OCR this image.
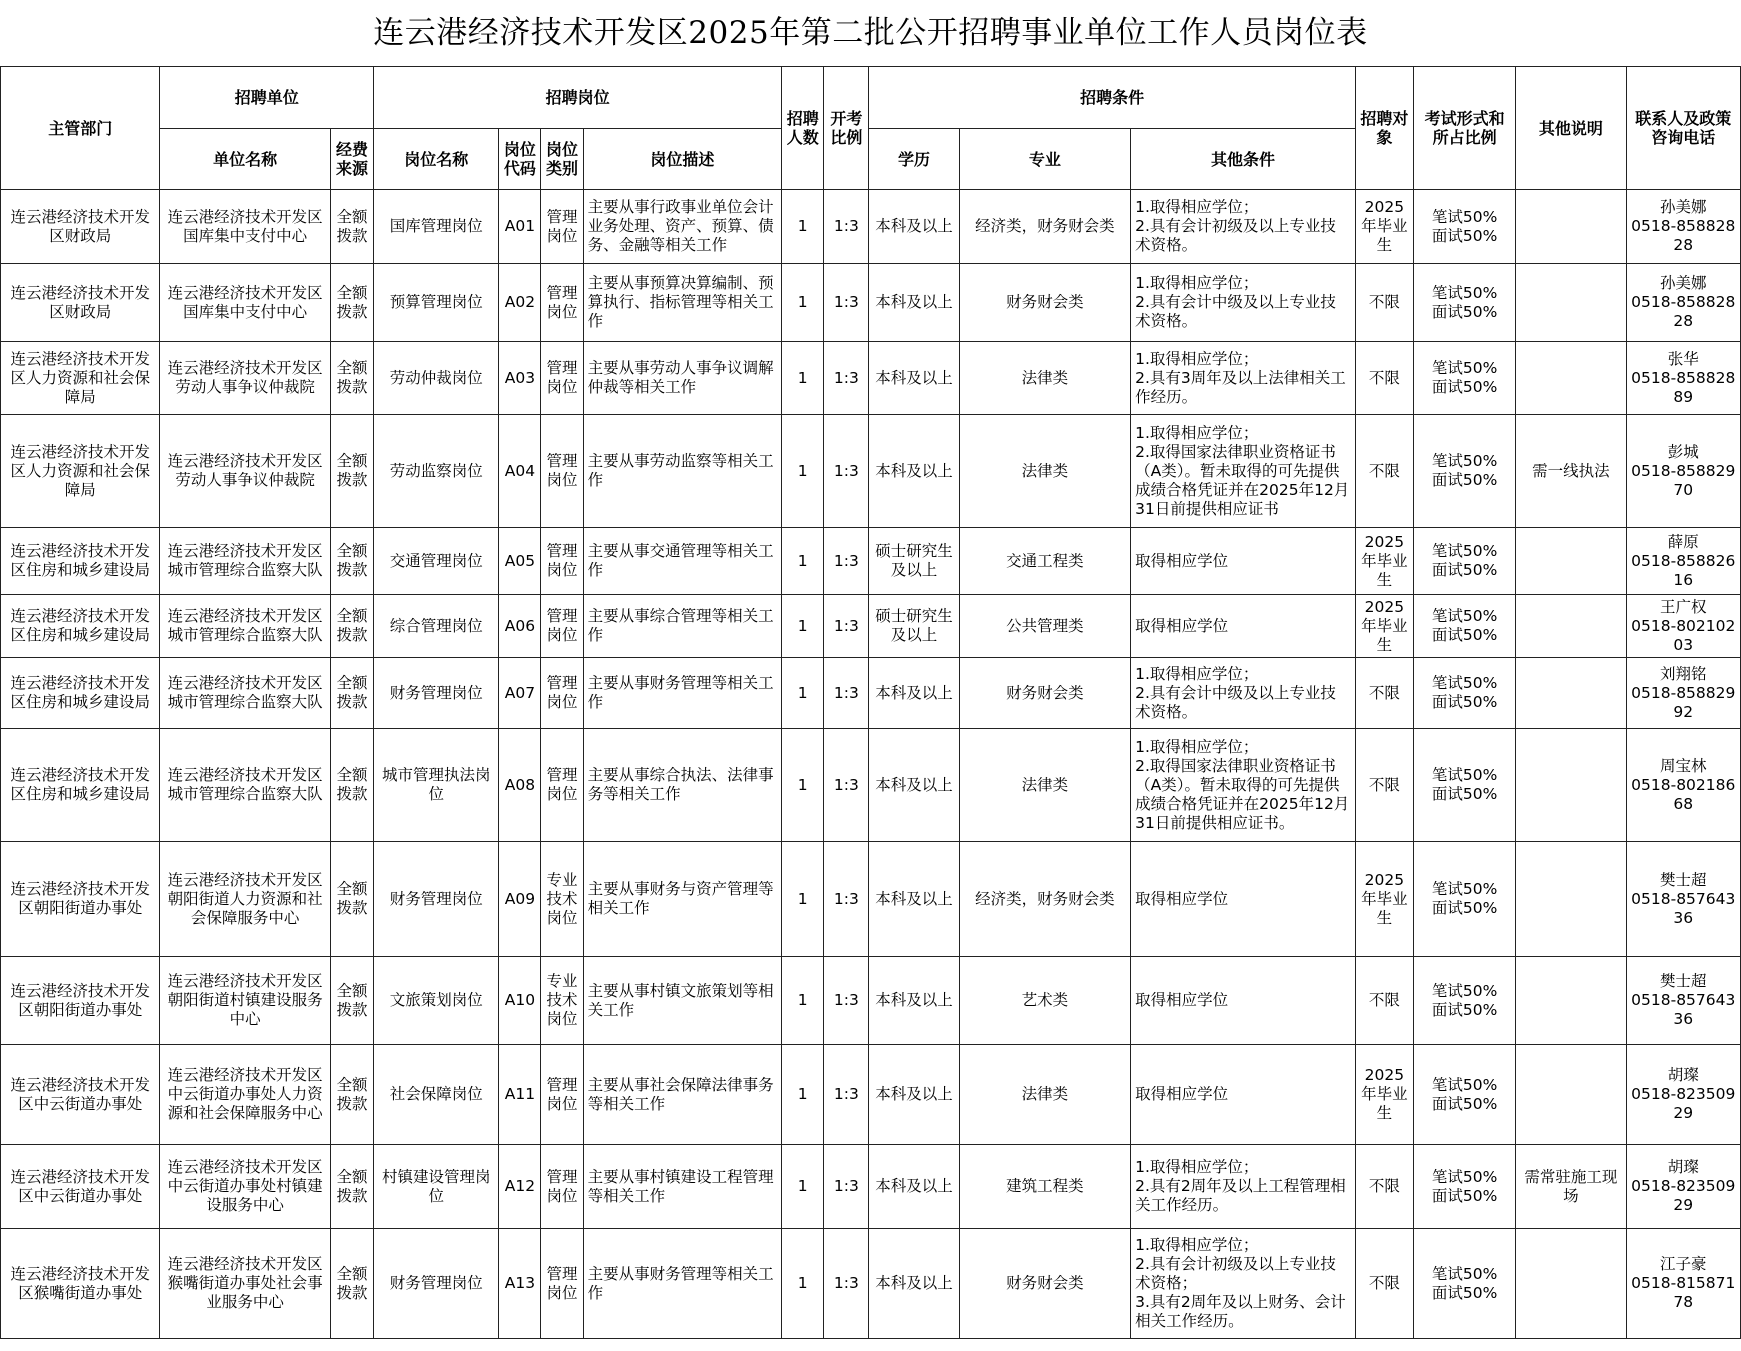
连云港经济技术开发区2025年第二批公开招聘事业单位工作人员岗位表
主管部门	招聘单位		招聘岗位				招聘人数	开考比例	招聘条件			招聘对象	考试形式和所占比例	其他说明	联系人及政策咨询电话
	单位名称	经费来源	岗位名称	岗位代码	岗位类别	岗位描述			学历	专业	其他条件				
连云港经济技术开发区财政局	连云港经济技术开发区国库集中支付中心	全额拨款	国库管理岗位	A01	管理岗位	主要从事行政事业单位会计业务处理、资产、预算、债务、金融等相关工作	1	1:3	本科及以上	经济类，财务财会类	1.取得相应学位；
2.具有会计初级及以上专业技术资格。	2025年毕业生	笔试50%
面试50%		孙美娜
0518-85882828
连云港经济技术开发区财政局	连云港经济技术开发区国库集中支付中心	全额拨款	预算管理岗位	A02	管理岗位	主要从事预算决算编制、预算执行、指标管理等相关工作	1	1:3	本科及以上	财务财会类	1.取得相应学位；
2.具有会计中级及以上专业技术资格。	不限	笔试50%
面试50%		孙美娜
0518-85882828
连云港经济技术开发区人力资源和社会保障局	连云港经济技术开发区劳动人事争议仲裁院	全额拨款	劳动仲裁岗位	A03	管理岗位	主要从事劳动人事争议调解仲裁等相关工作	1	1:3	本科及以上	法律类	1.取得相应学位；
2.具有3周年及以上法律相关工作经历。	不限	笔试50%
面试50%		张华
0518-85882889
连云港经济技术开发区人力资源和社会保障局	连云港经济技术开发区劳动人事争议仲裁院	全额拨款	劳动监察岗位	A04	管理岗位	主要从事劳动监察等相关工作	1	1:3	本科及以上	法律类	1.取得相应学位；
2.取得国家法律职业资格证书（A类）。暂未取得的可先提供成绩合格凭证并在2025年12月31日前提供相应证书	不限	笔试50%
面试50%	需一线执法	彭城
0518-85882970
连云港经济技术开发区住房和城乡建设局	连云港经济技术开发区城市管理综合监察大队	全额拨款	交通管理岗位	A05	管理岗位	主要从事交通管理等相关工作	1	1:3	硕士研究生及以上	交通工程类	取得相应学位	2025年毕业生	笔试50%
面试50%		薛原
0518-85882616
连云港经济技术开发区住房和城乡建设局	连云港经济技术开发区城市管理综合监察大队	全额拨款	综合管理岗位	A06	管理岗位	主要从事综合管理等相关工作	1	1:3	硕士研究生及以上	公共管理类	取得相应学位	2025年毕业生	笔试50%
面试50%		王广权
0518-80210203
连云港经济技术开发区住房和城乡建设局	连云港经济技术开发区城市管理综合监察大队	全额拨款	财务管理岗位	A07	管理岗位	主要从事财务管理等相关工作	1	1:3	本科及以上	财务财会类	1.取得相应学位；
2.具有会计中级及以上专业技术资格。	不限	笔试50%
面试50%		刘翔铭
0518-85882992
连云港经济技术开发区住房和城乡建设局	连云港经济技术开发区城市管理综合监察大队	全额拨款	城市管理执法岗位	A08	管理岗位	主要从事综合执法、法律事务等相关工作	1	1:3	本科及以上	法律类	1.取得相应学位；
2.取得国家法律职业资格证书（A类）。暂未取得的可先提供成绩合格凭证并在2025年12月31日前提供相应证书。	不限	笔试50%
面试50%		周宝林
0518-80218668
连云港经济技术开发区朝阳街道办事处	连云港经济技术开发区朝阳街道人力资源和社会保障服务中心	全额拨款	财务管理岗位	A09	专业技术岗位	主要从事财务与资产管理等相关工作	1	1:3	本科及以上	经济类，财务财会类	取得相应学位	2025年毕业生	笔试50%
面试50%		樊士超
0518-85764336
连云港经济技术开发区朝阳街道办事处	连云港经济技术开发区朝阳街道村镇建设服务中心	全额拨款	文旅策划岗位	A10	专业技术岗位	主要从事村镇文旅策划等相关工作	1	1:3	本科及以上	艺术类	取得相应学位	不限	笔试50%
面试50%		樊士超
0518-85764336
连云港经济技术开发区中云街道办事处	连云港经济技术开发区中云街道办事处人力资源和社会保障服务中心	全额拨款	社会保障岗位	A11	管理岗位	主要从事社会保障法律事务等相关工作	1	1:3	本科及以上	法律类	取得相应学位	2025年毕业生	笔试50%
面试50%		胡璨
0518-82350929
连云港经济技术开发区中云街道办事处	连云港经济技术开发区中云街道办事处村镇建设服务中心	全额拨款	村镇建设管理岗位	A12	管理岗位	主要从事村镇建设工程管理等相关工作	1	1:3	本科及以上	建筑工程类	1.取得相应学位；
2.具有2周年及以上工程管理相关工作经历。	不限	笔试50%
面试50%	需常驻施工现场	胡璨
0518-82350929
连云港经济技术开发区猴嘴街道办事处	连云港经济技术开发区猴嘴街道办事处社会事业服务中心	全额拨款	财务管理岗位	A13	管理岗位	主要从事财务管理等相关工作	1	1:3	本科及以上	财务财会类	1.取得相应学位；
2.具有会计初级及以上专业技术资格；
3.具有2周年及以上财务、会计相关工作经历。	不限	笔试50%
面试50%		江子豪
0518-81587178
